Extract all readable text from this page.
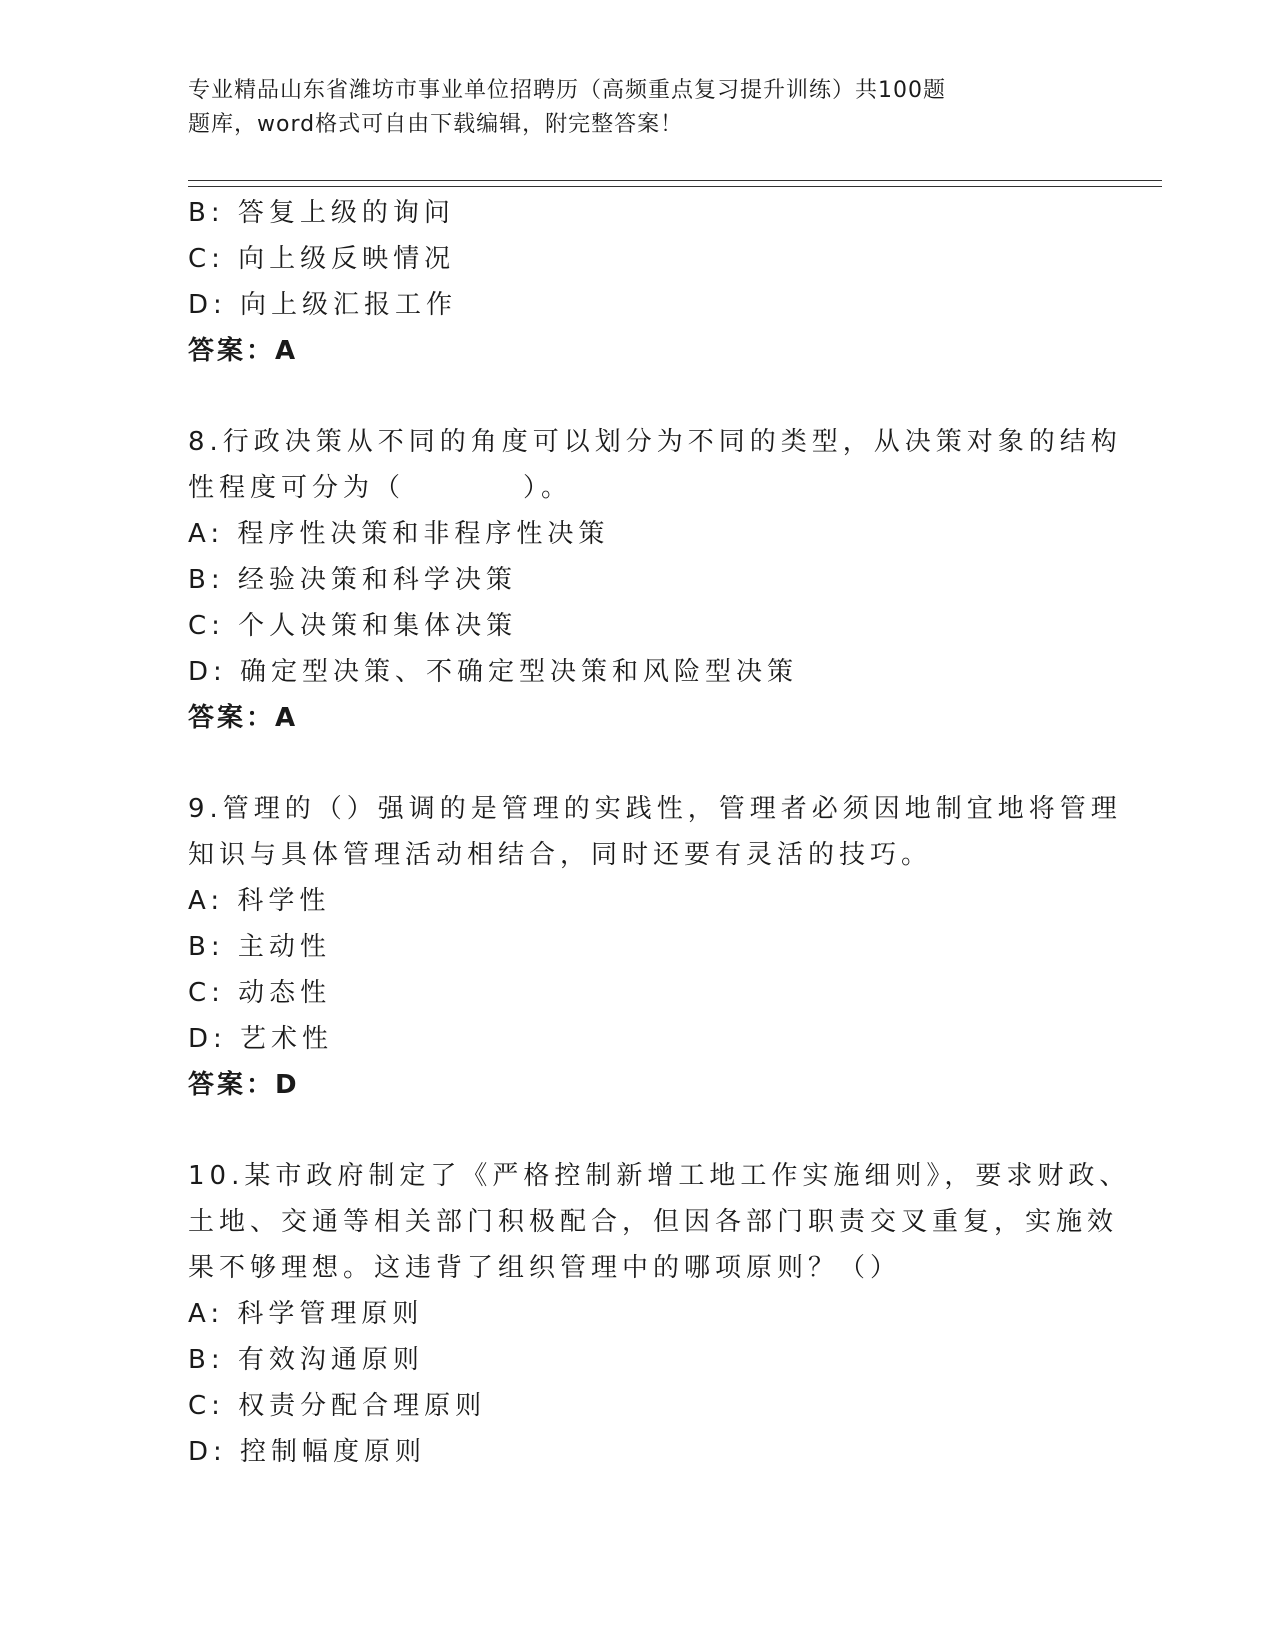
专业精品山东省潍坊市事业单位招聘历（高频重点复习提升训练）共100题
题库，word格式可自由下载编辑，附完整答案！
B: 答复上级的询问
C: 向上级反映情况
D: 向上级汇报工作
答案：A
8.行政决策从不同的角度可以划分为不同的类型，从决策对象的结构
性程度可分为（	）。
A: 程序性决策和非程序性决策
B: 经验决策和科学决策
C: 个人决策和集体决策
D: 确定型决策、不确定型决策和风险型决策
答案：A
9.管理的（）强调的是管理的实践性，管理者必须因地制宜地将管理
知识与具体管理活动相结合，同时还要有灵活的技巧。
A: 科学性
B: 主动性
C: 动态性
D: 艺术性
答案：D
10.某市政府制定了《严格控制新增工地工作实施细则》，要求财政、
土地、交通等相关部门积极配合，但因各部门职责交叉重复，实施效
果不够理想。这违背了组织管理中的哪项原则？（）
A: 科学管理原则
B: 有效沟通原则
C: 权责分配合理原则
D: 控制幅度原则
